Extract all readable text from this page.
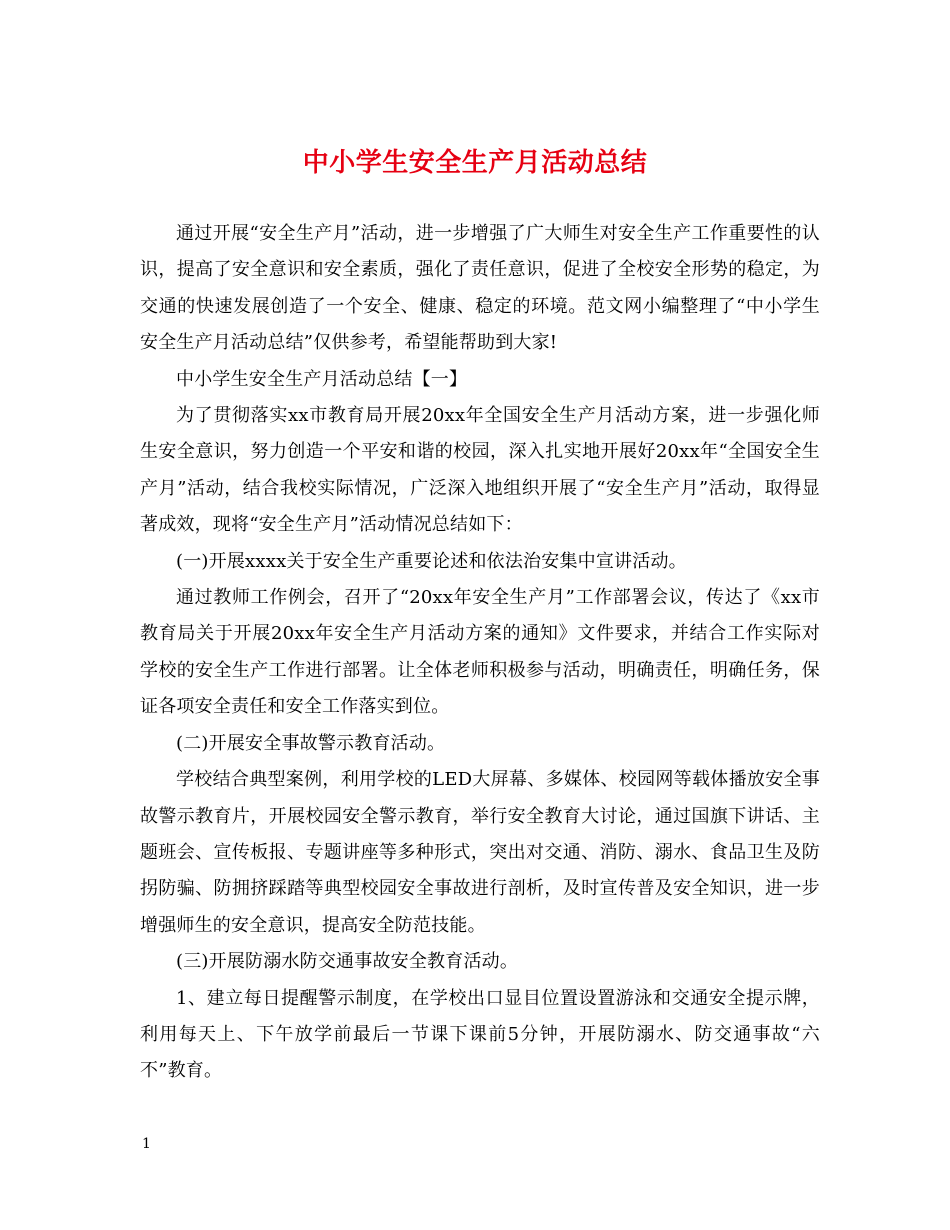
中小学生安全生产月活动总结

通过开展“安全生产月”活动，进一步增强了广大师生对安全生产工作重要性的认识，提高了安全意识和安全素质，强化了责任意识，促进了全校安全形势的稳定，为交通的快速发展创造了一个安全、健康、稳定的环境。范文网小编整理了“中小学生安全生产月活动总结”仅供参考，希望能帮助到大家!

中小学生安全生产月活动总结【一】

为了贯彻落实xx市教育局开展20xx年全国安全生产月活动方案，进一步强化师生安全意识，努力创造一个平安和谐的校园，深入扎实地开展好20xx年“全国安全生产月”活动，结合我校实际情况，广泛深入地组织开展了“安全生产月”活动，取得显著成效，现将“安全生产月”活动情况总结如下：

(一)开展xxxx关于安全生产重要论述和依法治安集中宣讲活动。

通过教师工作例会，召开了“20xx年安全生产月”工作部署会议，传达了《xx市教育局关于开展20xx年安全生产月活动方案的通知》文件要求，并结合工作实际对学校的安全生产工作进行部署。让全体老师积极参与活动，明确责任，明确任务，保证各项安全责任和安全工作落实到位。

(二)开展安全事故警示教育活动。

学校结合典型案例，利用学校的LED大屏幕、多媒体、校园网等载体播放安全事故警示教育片，开展校园安全警示教育，举行安全教育大讨论，通过国旗下讲话、主题班会、宣传板报、专题讲座等多种形式，突出对交通、消防、溺水、食品卫生及防拐防骗、防拥挤踩踏等典型校园安全事故进行剖析，及时宣传普及安全知识，进一步增强师生的安全意识，提高安全防范技能。

(三)开展防溺水防交通事故安全教育活动。

1、建立每日提醒警示制度，在学校出口显目位置设置游泳和交通安全提示牌，利用每天上、下午放学前最后一节课下课前5分钟，开展防溺水、防交通事故“六不”教育。

1
